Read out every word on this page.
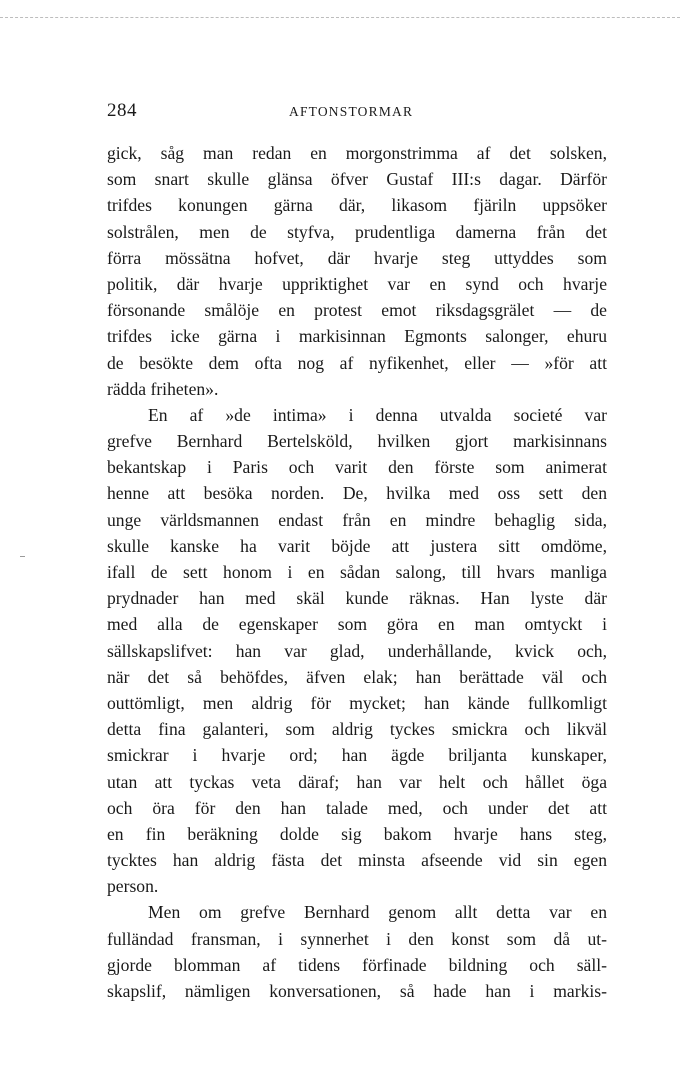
284	AFTONSTORMAR
gick, såg man redan en morgonstrimma af det solsken,
som snart skulle glänsa öfver Gustaf III:s dagar. Därför
trifdes konungen gärna där, likasom fjäriln uppsöker
solstrålen, men de styfva, prudentliga damerna från det
förra mössätna hofvet, där hvarje steg uttyddes som
politik, där hvarje uppriktighet var en synd och hvarje
försonande smålöje en protest emot riksdagsgrälet — de
trifdes icke gärna i markisinnan Egmonts salonger, ehuru
de besökte dem ofta nog af nyfikenhet, eller — »för att
rädda friheten».
En af »de intima» i denna utvalda societé var
grefve Bernhard Bertelsköld, hvilken gjort markisinnans
bekantskap i Paris och varit den förste som animerat
henne att besöka norden. De, hvilka med oss sett den
unge världsmannen endast från en mindre behaglig sida,
skulle kanske ha varit böjde att justera sitt omdöme,
ifall de sett honom i en sådan salong, till hvars manliga
prydnader han med skäl kunde räknas. Han lyste där
med alla de egenskaper som göra en man omtyckt i
sällskapslifvet: han var glad, underhållande, kvick och,
när det så behöfdes, äfven elak; han berättade väl och
outtömligt, men aldrig för mycket; han kände fullkomligt
detta fina galanteri, som aldrig tyckes smickra och likväl
smickrar i hvarje ord; han ägde briljanta kunskaper,
utan att tyckas veta däraf; han var helt och hållet öga
och öra för den han talade med, och under det att
en fin beräkning dolde sig bakom hvarje hans steg,
tycktes han aldrig fästa det minsta afseende vid sin egen
person.
Men om grefve Bernhard genom allt detta var en
fulländad fransman, i synnerhet i den konst som då ut-
gjorde blomman af tidens förfinade bildning och säll-
skapslif, nämligen konversationen, så hade han i markis-
